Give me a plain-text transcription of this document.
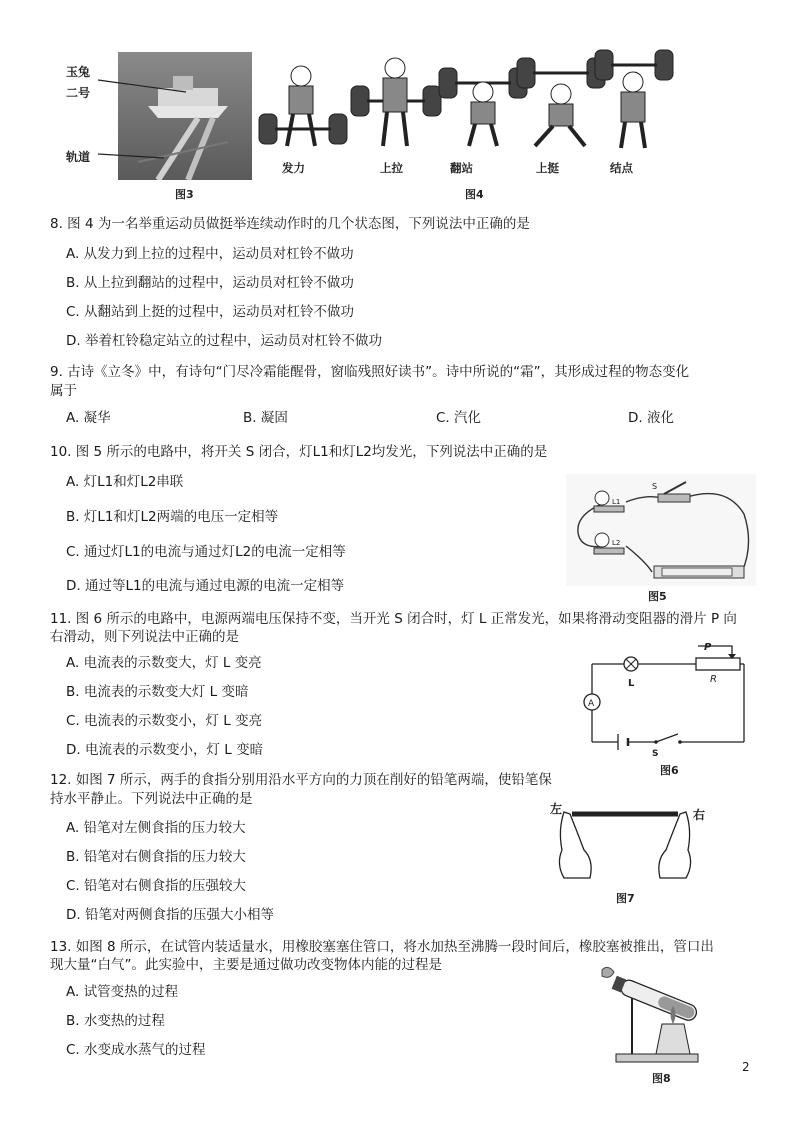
玉兔
二号
轨道
图3
发力	上拉	翻站	上挺	结点
图4
8. 图 4 为一名举重运动员做挺举连续动作时的几个状态图，下列说法中正确的是
A. 从发力到上拉的过程中，运动员对杠铃不做功
B. 从上拉到翻站的过程中，运动员对杠铃不做功
C. 从翻站到上挺的过程中，运动员对杠铃不做功
D. 举着杠铃稳定站立的过程中，运动员对杠铃不做功
9. 古诗《立冬》中，有诗句“门尽冷霜能醒骨，窗临残照好读书”。诗中所说的“霜”，其形成过程的物态变化
属于
A. 凝华	B. 凝固	C. 汽化	D. 液化
10. 图 5 所示的电路中，将开关 S 闭合，灯L1和灯L2均发光，下列说法中正确的是
A. 灯L1和灯L2串联
B. 灯L1和灯L2两端的电压一定相等
C. 通过灯L1的电流与通过灯L2的电流一定相等
D. 通过等L1的电流与通过电源的电流一定相等
S
L1
L2
图5
11. 图 6 所示的电路中，电源两端电压保持不变，当开光 S 闭合时，灯 L 正常发光，如果将滑动变阻器的滑片 P 向
右滑动，则下列说法中正确的是
A. 电流表的示数变大，灯 L 变亮
B. 电流表的示数变大灯 L 变暗
C. 电流表的示数变小，灯 L 变亮
D. 电流表的示数变小，灯 L 变暗
P
R
L
A
S
图6
12. 如图 7 所示，两手的食指分别用沿水平方向的力顶在削好的铅笔两端，使铅笔保
持水平静止。下列说法中正确的是
A. 铅笔对左侧食指的压力较大
B. 铅笔对右侧食指的压力较大
C. 铅笔对右侧食指的压强较大
D. 铅笔对两侧食指的压强大小相等
左	右
图7
13. 如图 8 所示，在试管内装适量水，用橡胶塞塞住管口，将水加热至沸腾一段时间后，橡胶塞被推出，管口出
现大量“白气”。此实验中，主要是通过做功改变物体内能的过程是
A. 试管变热的过程
B. 水变热的过程
C. 水变成水蒸气的过程
图8
2
